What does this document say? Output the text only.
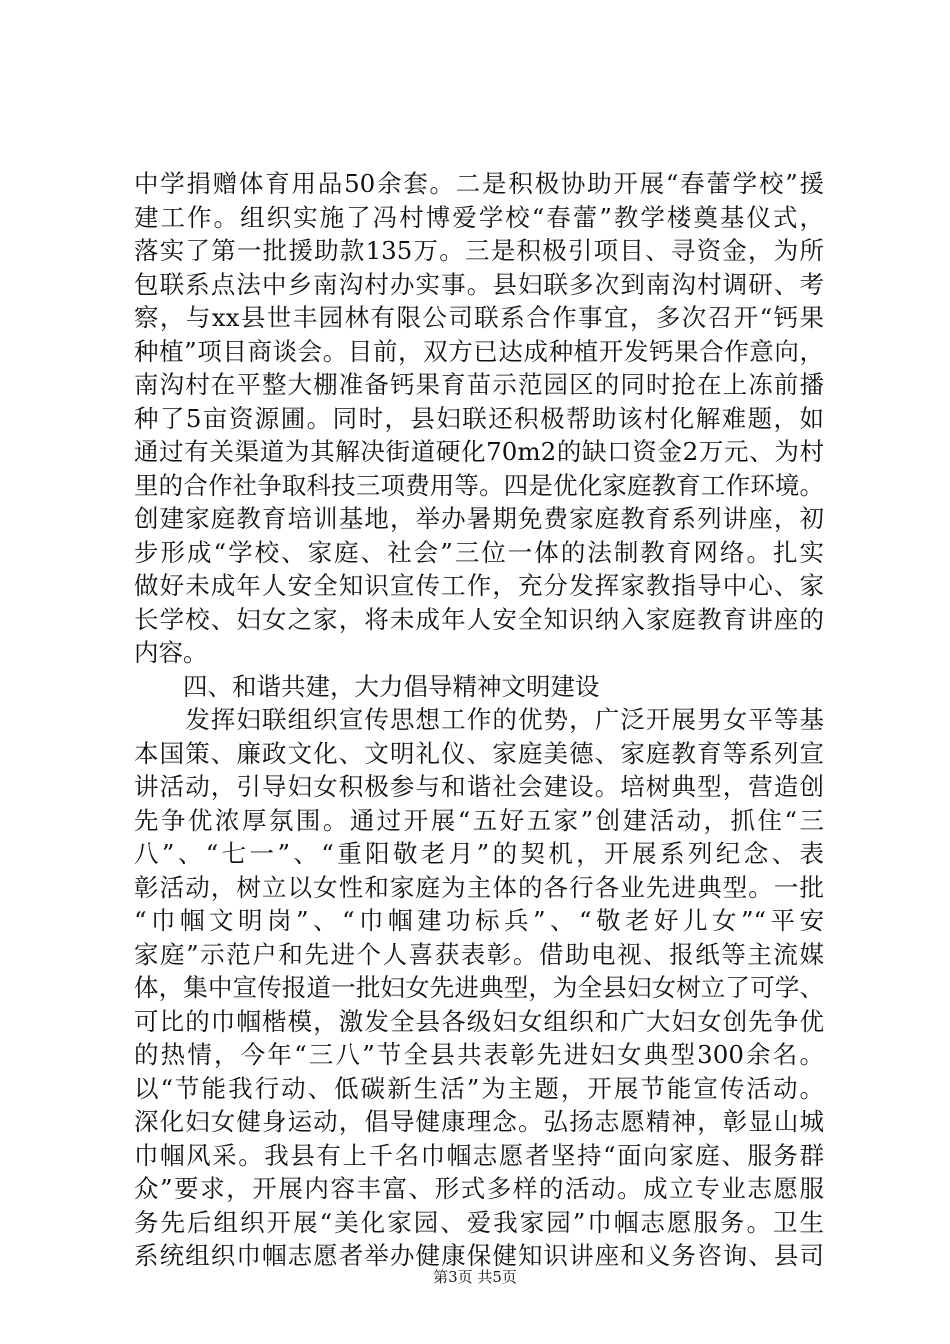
中学捐赠体育用品50余套。二是积极协助开展“春蕾学校”援
建工作。组织实施了冯村博爱学校“春蕾”教学楼奠基仪式，
落实了第一批援助款135万。三是积极引项目、寻资金，为所
包联系点法中乡南沟村办实事。县妇联多次到南沟村调研、考
察，与xx县世丰园林有限公司联系合作事宜，多次召开“钙果
种植”项目商谈会。目前，双方已达成种植开发钙果合作意向，
南沟村在平整大棚准备钙果育苗示范园区的同时抢在上冻前播
种了5亩资源圃。同时，县妇联还积极帮助该村化解难题，如
通过有关渠道为其解决街道硬化70m2的缺口资金2万元、为村
里的合作社争取科技三项费用等。四是优化家庭教育工作环境。
创建家庭教育培训基地，举办暑期免费家庭教育系列讲座，初
步形成“学校、家庭、社会”三位一体的法制教育网络。扎实
做好未成年人安全知识宣传工作，充分发挥家教指导中心、家
长学校、妇女之家，将未成年人安全知识纳入家庭教育讲座的
内容。
　　四、和谐共建，大力倡导精神文明建设
　　发挥妇联组织宣传思想工作的优势，广泛开展男女平等基
本国策、廉政文化、文明礼仪、家庭美德、家庭教育等系列宣
讲活动，引导妇女积极参与和谐社会建设。培树典型，营造创
先争优浓厚氛围。通过开展“五好五家”创建活动，抓住“三
八”、“七一”、“重阳敬老月”的契机，开展系列纪念、表
彰活动，树立以女性和家庭为主体的各行各业先进典型。一批
“巾帼文明岗”、“巾帼建功标兵”、“敬老好儿女”“平安
家庭”示范户和先进个人喜获表彰。借助电视、报纸等主流媒
体，集中宣传报道一批妇女先进典型，为全县妇女树立了可学、
可比的巾帼楷模，激发全县各级妇女组织和广大妇女创先争优
的热情，今年“三八”节全县共表彰先进妇女典型300余名。
以“节能我行动、低碳新生活”为主题，开展节能宣传活动。
深化妇女健身运动，倡导健康理念。弘扬志愿精神，彰显山城
巾帼风采。我县有上千名巾帼志愿者坚持“面向家庭、服务群
众”要求，开展内容丰富、形式多样的活动。成立专业志愿服
务先后组织开展“美化家园、爱我家园”巾帼志愿服务。卫生
系统组织巾帼志愿者举办健康保健知识讲座和义务咨询、县司
第3页 共5页
